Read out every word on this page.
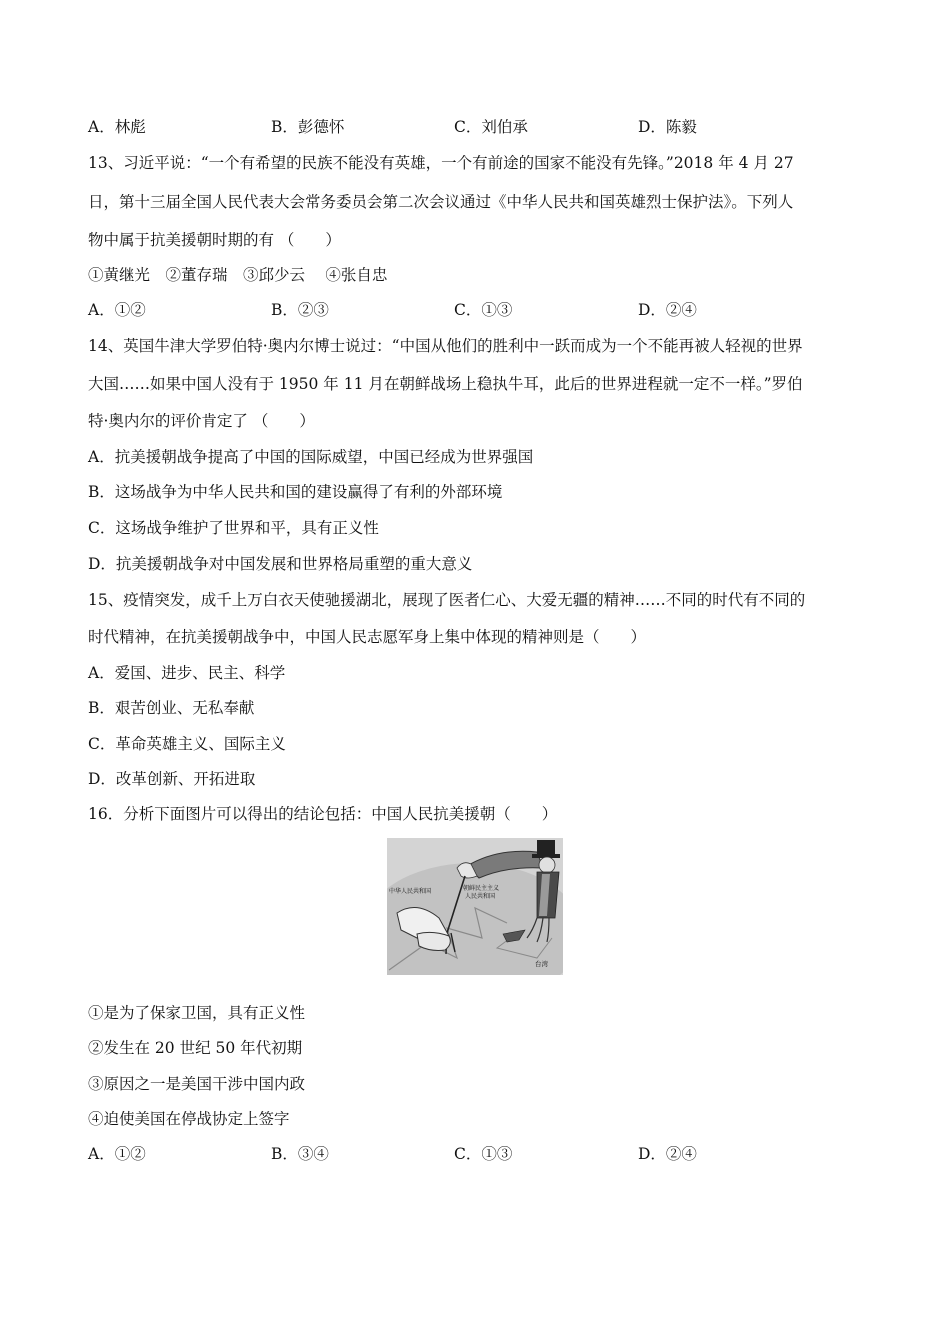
A．林彪	B．彭德怀	C．刘伯承	D．陈毅
13、习近平说：“一个有希望的民族不能没有英雄，一个有前途的国家不能没有先锋。”2018 年 4 月 27
日，第十三届全国人民代表大会常务委员会第二次会议通过《中华人民共和国英雄烈士保护法》。下列人
物中属于抗美援朝时期的有 （　　）
①黄继光　②董存瑞　③邱少云　 ④张自忠
A．①②	B．②③	C．①③	D．②④
14、英国牛津大学罗伯特·奥内尔博士说过：“中国从他们的胜利中一跃而成为一个不能再被人轻视的世界
大国……如果中国人没有于 1950 年 11 月在朝鲜战场上稳执牛耳，此后的世界进程就一定不一样。”罗伯
特·奥内尔的评价肯定了 （　　）
A．抗美援朝战争提高了中国的国际威望，中国已经成为世界强国
B．这场战争为中华人民共和国的建设赢得了有利的外部环境
C．这场战争维护了世界和平，具有正义性
D．抗美援朝战争对中国发展和世界格局重塑的重大意义
15、疫情突发，成千上万白衣天使驰援湖北，展现了医者仁心、大爱无疆的精神……不同的时代有不同的
时代精神，在抗美援朝战争中，中国人民志愿军身上集中体现的精神则是（　　）
A．爱国、进步、民主、科学
B．艰苦创业、无私奉献
C．革命英雄主义、国际主义
D．改革创新、开拓进取
16．分析下面图片可以得出的结论包括：中国人民抗美援朝（　　）
中华人民共和国	朝鲜民主主义
人民共和国
台湾
①是为了保家卫国，具有正义性
②发生在 20 世纪 50 年代初期
③原因之一是美国干涉中国内政
④迫使美国在停战协定上签字
A．①②	B．③④	C．①③	D．②④
